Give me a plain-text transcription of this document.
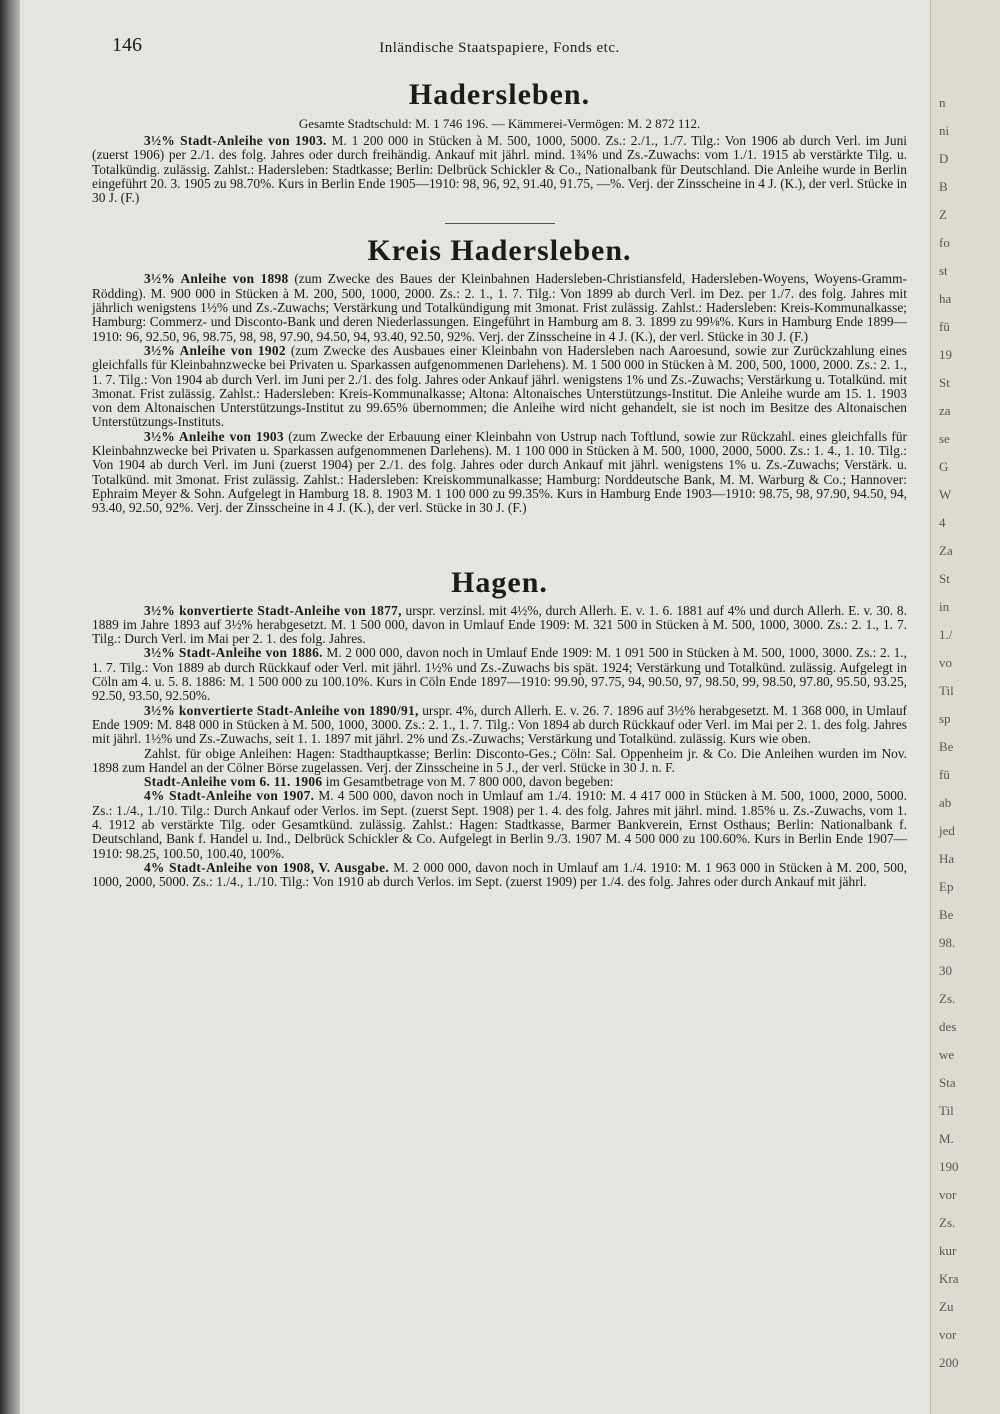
n
ni
D
B
Z
fo
st
ha
fü
19
St
za
se
G
W
4
Za
St
in
1./
vo
Til
sp
Be
fü
ab
jed
Ha
Ep
Be
98.
30
Zs.
des
we
Sta
Til
M.
190
vor
Zs.
kur
Kra
Zu
vor
200
146	Inländische Staatspapiere, Fonds etc.
Hadersleben.
Gesamte Stadtschuld: M. 1 746 196. — Kämmerei-Vermögen: M. 2 872 112.

3½% Stadt-Anleihe von 1903. M. 1 200 000 in Stücken à M. 500, 1000, 5000. Zs.: 2./1., 1./7. Tilg.: Von 1906 ab durch Verl. im Juni (zuerst 1906) per 2./1. des folg. Jahres oder durch freihändig. Ankauf mit jährl. mind. 1¾% und Zs.-Zuwachs: vom 1./1. 1915 ab verstärkte Tilg. u. Totalkündig. zulässig. Zahlst.: Hadersleben: Stadtkasse; Berlin: Delbrück Schickler & Co., Nationalbank für Deutschland. Die Anleihe wurde in Berlin eingeführt 20. 3. 1905 zu 98.70%. Kurs in Berlin Ende 1905—1910: 98, 96, 92, 91.40, 91.75, —%. Verj. der Zinsscheine in 4 J. (K.), der verl. Stücke in 30 J. (F.)

Kreis Hadersleben.

3½% Anleihe von 1898 (zum Zwecke des Baues der Kleinbahnen Hadersleben-Christiansfeld, Hadersleben-Woyens, Woyens-Gramm-Rödding). M. 900 000 in Stücken à M. 200, 500, 1000, 2000. Zs.: 2. 1., 1. 7. Tilg.: Von 1899 ab durch Verl. im Dez. per 1./7. des folg. Jahres mit jährlich wenigstens 1½% und Zs.-Zuwachs; Verstärkung und Totalkündigung mit 3monat. Frist zulässig. Zahlst.: Hadersleben: Kreis-Kommunalkasse; Hamburg: Commerz- und Disconto-Bank und deren Niederlassungen. Eingeführt in Hamburg am 8. 3. 1899 zu 99⅛%. Kurs in Hamburg Ende 1899—1910: 96, 92.50, 96, 98.75, 98, 98, 97.90, 94.50, 94, 93.40, 92.50, 92%. Verj. der Zinsscheine in 4 J. (K.), der verl. Stücke in 30 J. (F.)

3½% Anleihe von 1902 (zum Zwecke des Ausbaues einer Kleinbahn von Hadersleben nach Aaroesund, sowie zur Zurückzahlung eines gleichfalls für Kleinbahnzwecke bei Privaten u. Sparkassen aufgenommenen Darlehens). M. 1 500 000 in Stücken à M. 200, 500, 1000, 2000. Zs.: 2. 1., 1. 7. Tilg.: Von 1904 ab durch Verl. im Juni per 2./1. des folg. Jahres oder Ankauf jährl. wenigstens 1% und Zs.-Zuwachs; Verstärkung u. Totalkünd. mit 3monat. Frist zulässig. Zahlst.: Hadersleben: Kreis-Kommunalkasse; Altona: Altonaisches Unterstützungs-Institut. Die Anleihe wurde am 15. 1. 1903 von dem Altonaischen Unterstützungs-Institut zu 99.65% übernommen; die Anleihe wird nicht gehandelt, sie ist noch im Besitze des Altonaischen Unterstützungs-Instituts.

3½% Anleihe von 1903 (zum Zwecke der Erbauung einer Kleinbahn von Ustrup nach Toftlund, sowie zur Rückzahl. eines gleichfalls für Kleinbahnzwecke bei Privaten u. Sparkassen aufgenommenen Darlehens). M. 1 100 000 in Stücken à M. 500, 1000, 2000, 5000. Zs.: 1. 4., 1. 10. Tilg.: Von 1904 ab durch Verl. im Juni (zuerst 1904) per 2./1. des folg. Jahres oder durch Ankauf mit jährl. wenigstens 1% u. Zs.-Zuwachs; Verstärk. u. Totalkünd. mit 3monat. Frist zulässig. Zahlst.: Hadersleben: Kreiskommunalkasse; Hamburg: Norddeutsche Bank, M. M. Warburg & Co.; Hannover: Ephraim Meyer & Sohn. Aufgelegt in Hamburg 18. 8. 1903 M. 1 100 000 zu 99.35%. Kurs in Hamburg Ende 1903—1910: 98.75, 98, 97.90, 94.50, 94, 93.40, 92.50, 92%. Verj. der Zinsscheine in 4 J. (K.), der verl. Stücke in 30 J. (F.)

Hagen.

3½% konvertierte Stadt-Anleihe von 1877, urspr. verzinsl. mit 4½%, durch Allerh. E. v. 1. 6. 1881 auf 4% und durch Allerh. E. v. 30. 8. 1889 im Jahre 1893 auf 3½% herabgesetzt. M. 1 500 000, davon in Umlauf Ende 1909: M. 321 500 in Stücken à M. 500, 1000, 3000. Zs.: 2. 1., 1. 7. Tilg.: Durch Verl. im Mai per 2. 1. des folg. Jahres.

3½% Stadt-Anleihe von 1886. M. 2 000 000, davon noch in Umlauf Ende 1909: M. 1 091 500 in Stücken à M. 500, 1000, 3000. Zs.: 2. 1., 1. 7. Tilg.: Von 1889 ab durch Rückkauf oder Verl. mit jährl. 1½% und Zs.-Zuwachs bis spät. 1924; Verstärkung und Totalkünd. zulässig. Aufgelegt in Cöln am 4. u. 5. 8. 1886: M. 1 500 000 zu 100.10%. Kurs in Cöln Ende 1897—1910: 99.90, 97.75, 94, 90.50, 97, 98.50, 99, 98.50, 97.80, 95.50, 93.25, 92.50, 93.50, 92.50%.

3½% konvertierte Stadt-Anleihe von 1890/91, urspr. 4%, durch Allerh. E. v. 26. 7. 1896 auf 3½% herabgesetzt. M. 1 368 000, in Umlauf Ende 1909: M. 848 000 in Stücken à M. 500, 1000, 3000. Zs.: 2. 1., 1. 7. Tilg.: Von 1894 ab durch Rückkauf oder Verl. im Mai per 2. 1. des folg. Jahres mit jährl. 1½% und Zs.-Zuwachs, seit 1. 1. 1897 mit jährl. 2% und Zs.-Zuwachs; Verstärkung und Totalkünd. zulässig. Kurs wie oben.

Zahlst. für obige Anleihen: Hagen: Stadthauptkasse; Berlin: Disconto-Ges.; Cöln: Sal. Oppenheim jr. & Co. Die Anleihen wurden im Nov. 1898 zum Handel an der Cölner Börse zugelassen. Verj. der Zinsscheine in 5 J., der verl. Stücke in 30 J. n. F.

Stadt-Anleihe vom 6. 11. 1906 im Gesamtbetrage von M. 7 800 000, davon begeben:

4% Stadt-Anleihe von 1907. M. 4 500 000, davon noch in Umlauf am 1./4. 1910: M. 4 417 000 in Stücken à M. 500, 1000, 2000, 5000. Zs.: 1./4., 1./10. Tilg.: Durch Ankauf oder Verlos. im Sept. (zuerst Sept. 1908) per 1. 4. des folg. Jahres mit jährl. mind. 1.85% u. Zs.-Zuwachs, vom 1. 4. 1912 ab verstärkte Tilg. oder Gesamtkünd. zulässig. Zahlst.: Hagen: Stadtkasse, Barmer Bankverein, Ernst Osthaus; Berlin: Nationalbank f. Deutschland, Bank f. Handel u. Ind., Delbrück Schickler & Co. Aufgelegt in Berlin 9./3. 1907 M. 4 500 000 zu 100.60%. Kurs in Berlin Ende 1907—1910: 98.25, 100.50, 100.40, 100%.

4% Stadt-Anleihe von 1908, V. Ausgabe. M. 2 000 000, davon noch in Umlauf am 1./4. 1910: M. 1 963 000 in Stücken à M. 200, 500, 1000, 2000, 5000. Zs.: 1./4., 1./10. Tilg.: Von 1910 ab durch Verlos. im Sept. (zuerst 1909) per 1./4. des folg. Jahres oder durch Ankauf mit jährl.
